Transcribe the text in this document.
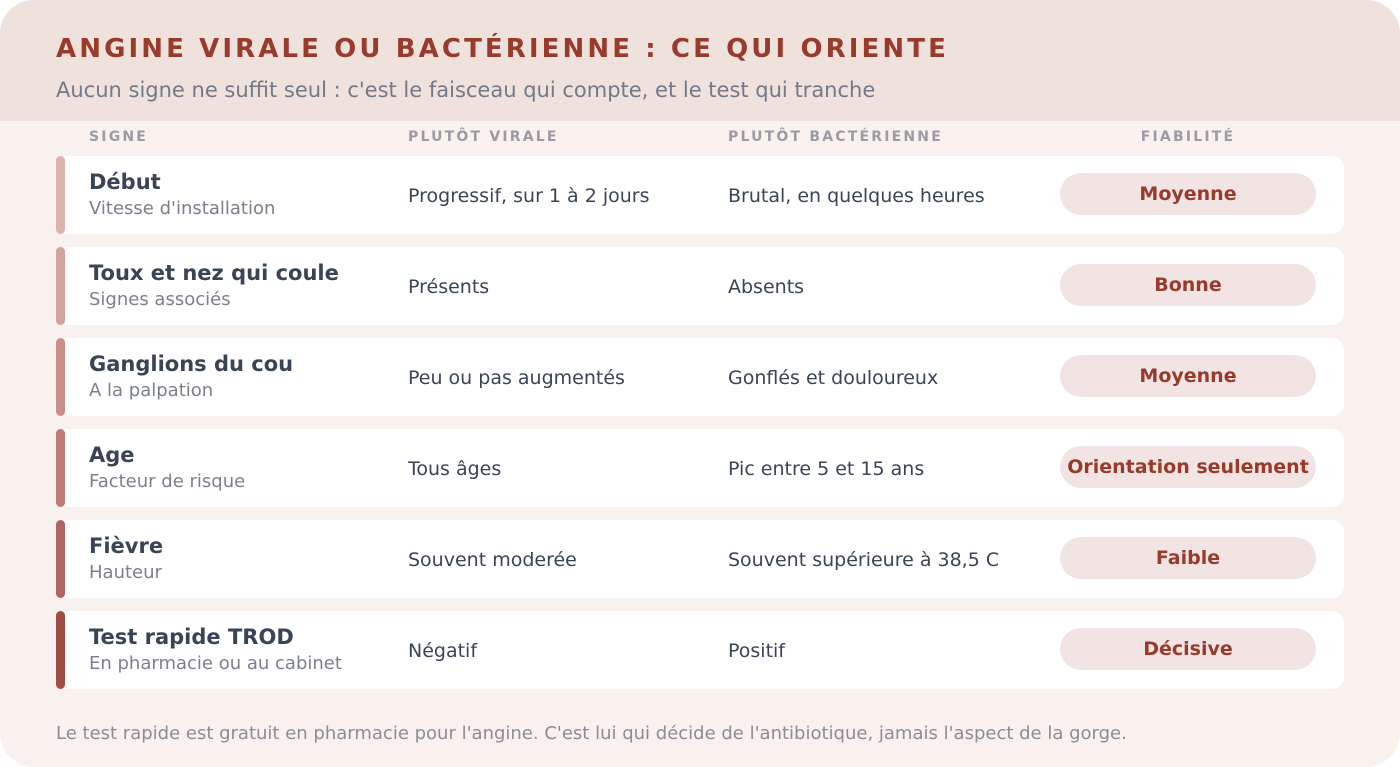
ANGINE VIRALE OU BACTÉRIENNE : CE QUI ORIENTE

Aucun signe ne suffit seul : c'est le faisceau qui compte, et le test qui tranche

SIGNE	PLUTÔT VIRALE	PLUTÔT BACTÉRIENNE	FIABILITÉ
Début
Vitesse d'installation
Progressif, sur 1 à 2 jours	Brutal, en quelques heures	Moyenne
Toux et nez qui coule
Signes associés
Présents	Absents	Bonne
Ganglions du cou
A la palpation
Peu ou pas augmentés	Gonflés et douloureux	Moyenne
Age
Facteur de risque
Tous âges	Pic entre 5 et 15 ans	Orientation seulement
Fièvre
Hauteur
Souvent moderée	Souvent supérieure à 38,5 C	Faible
Test rapide TROD
En pharmacie ou au cabinet
Négatif	Positif	Décisive

Le test rapide est gratuit en pharmacie pour l'angine. C'est lui qui décide de l'antibiotique, jamais l'aspect de la gorge.
